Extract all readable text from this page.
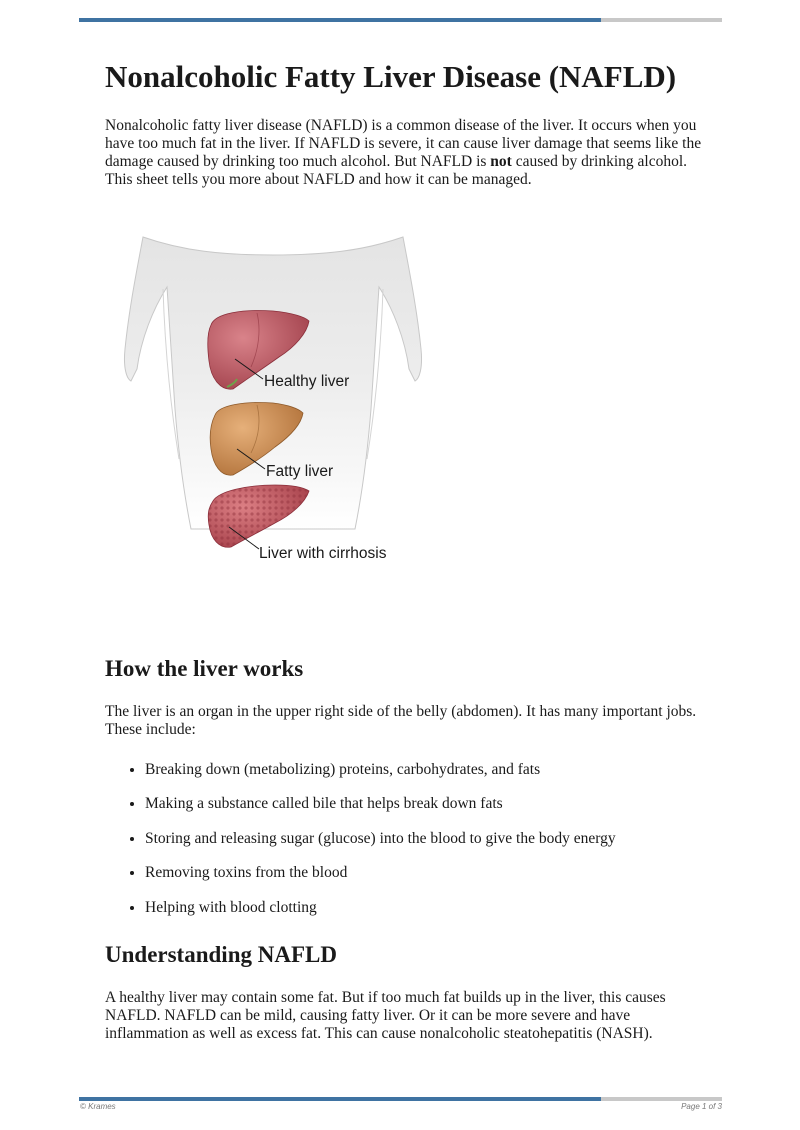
Nonalcoholic Fatty Liver Disease (NAFLD)

Nonalcoholic fatty liver disease (NAFLD) is a common disease of the liver. It occurs when you have too much fat in the liver. If NAFLD is severe, it can cause liver damage that seems like the damage caused by drinking too much alcohol. But NAFLD is not caused by drinking alcohol. This sheet tells you more about NAFLD and how it can be managed.

Healthy liver
Fatty liver
Liver with cirrhosis
How the liver works

The liver is an organ in the upper right side of the belly (abdomen). It has many important jobs. These include:

• Breaking down (metabolizing) proteins, carbohydrates, and fats
• Making a substance called bile that helps break down fats
• Storing and releasing sugar (glucose) into the blood to give the body energy
• Removing toxins from the blood
• Helping with blood clotting
Understanding NAFLD

A healthy liver may contain some fat. But if too much fat builds up in the liver, this causes NAFLD. NAFLD can be mild, causing fatty liver. Or it can be more severe and have inflammation as well as excess fat. This can cause nonalcoholic steatohepatitis (NASH).

© Krames	Page 1 of 3
